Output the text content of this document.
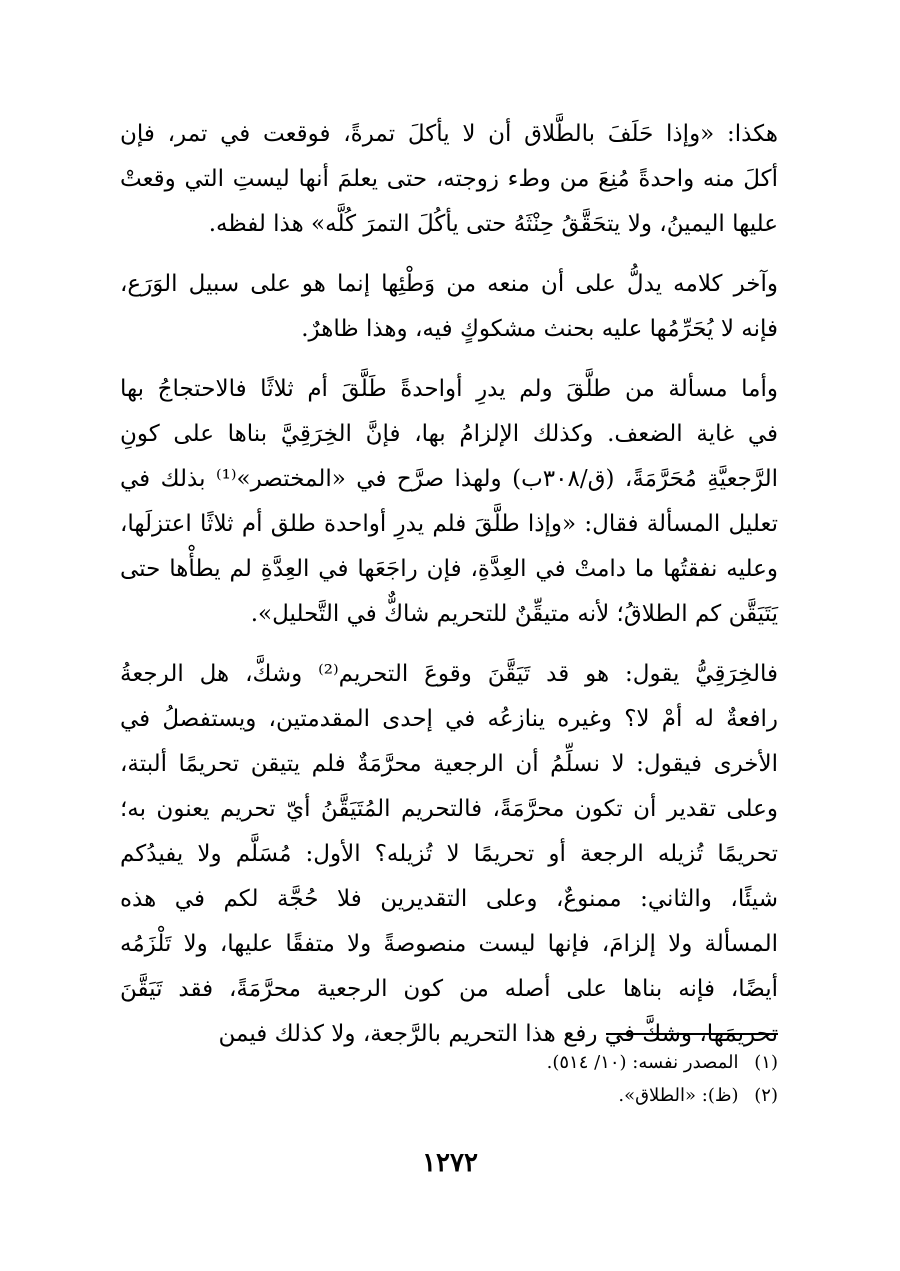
هكذا: «وإذا حَلَفَ بالطَّلاق أن لا يأكلَ تمرةً، فوقعت في تمر، فإن
أكلَ منه واحدةً مُنِعَ من وطء زوجته، حتى يعلمَ أنها ليستِ التي وقعتْ
عليها اليمينُ، ولا يتحَقَّقُ حِنْثَهُ حتى يأكُلَ التمرَ كُلَّه» هذا لفظه.

وآخر كلامه يدلُّ على أن منعه من وَطْئِها إنما هو على سبيل الوَرَع،
فإنه لا يُحَرِّمُها عليه بحنث مشكوكٍ فيه، وهذا ظاهرٌ.

وأما مسألة من طلَّقَ ولم يدرِ أواحدةً طَلَّقَ أم ثلاثًا فالاحتجاجُ بها
في غاية الضعف. وكذلك الإلزامُ بها، فإنَّ الخِرَقِيَّ بناها على كونِ
الرَّجعيَّةِ مُحَرَّمَةً، (ق/٣٠٨ب) ولهذا صرَّح في «المختصر»⁽¹⁾ بذلك في
تعليل المسألة فقال: «وإذا طلَّقَ فلم يدرِ أواحدة طلق أم ثلاثًا اعتزلَها،
وعليه نفقتُها ما دامتْ في العِدَّةِ، فإن راجَعَها في العِدَّةِ لم يطأْها حتى
يَتَيَقَّن كم الطلاقُ؛ لأنه متيقِّنٌ للتحريم شاكٌّ في التَّحليل».

فالخِرَقِيُّ يقول: هو قد تَيَقَّنَ وقوعَ التحريم⁽²⁾ وشكَّ، هل الرجعةُ
رافعةٌ له أمْ لا؟ وغيره ينازعُه في إحدى المقدمتين، ويستفصلُ في
الأخرى فيقول: لا نسلِّمُ أن الرجعية محرَّمَةٌ فلم يتيقن تحريمًا ألبتة،
وعلى تقدير أن تكون محرَّمَةً، فالتحريم المُتَيَقَّنُ أيّ تحريم يعنون به؛
تحريمًا تُزيله الرجعة أو تحريمًا لا تُزيله؟ الأول: مُسَلَّم ولا يفيدُكم
شيئًا، والثاني: ممنوعٌ، وعلى التقديرين فلا حُجَّة لكم في هذه
المسألة ولا إلزامَ، فإنها ليست منصوصةً ولا متفقًا عليها، ولا تَلْزَمُه
أيضًا، فإنه بناها على أصله من كون الرجعية محرَّمَةً، فقد تَيَقَّنَ
تحريمَها، وشكَّ في رفع هذا التحريم بالرَّجعة، ولا كذلك فيمن

(١) المصدر نفسه: (١٠/ ٥١٤).
(٢) (ظ): «الطلاق».
١٢٧٢
